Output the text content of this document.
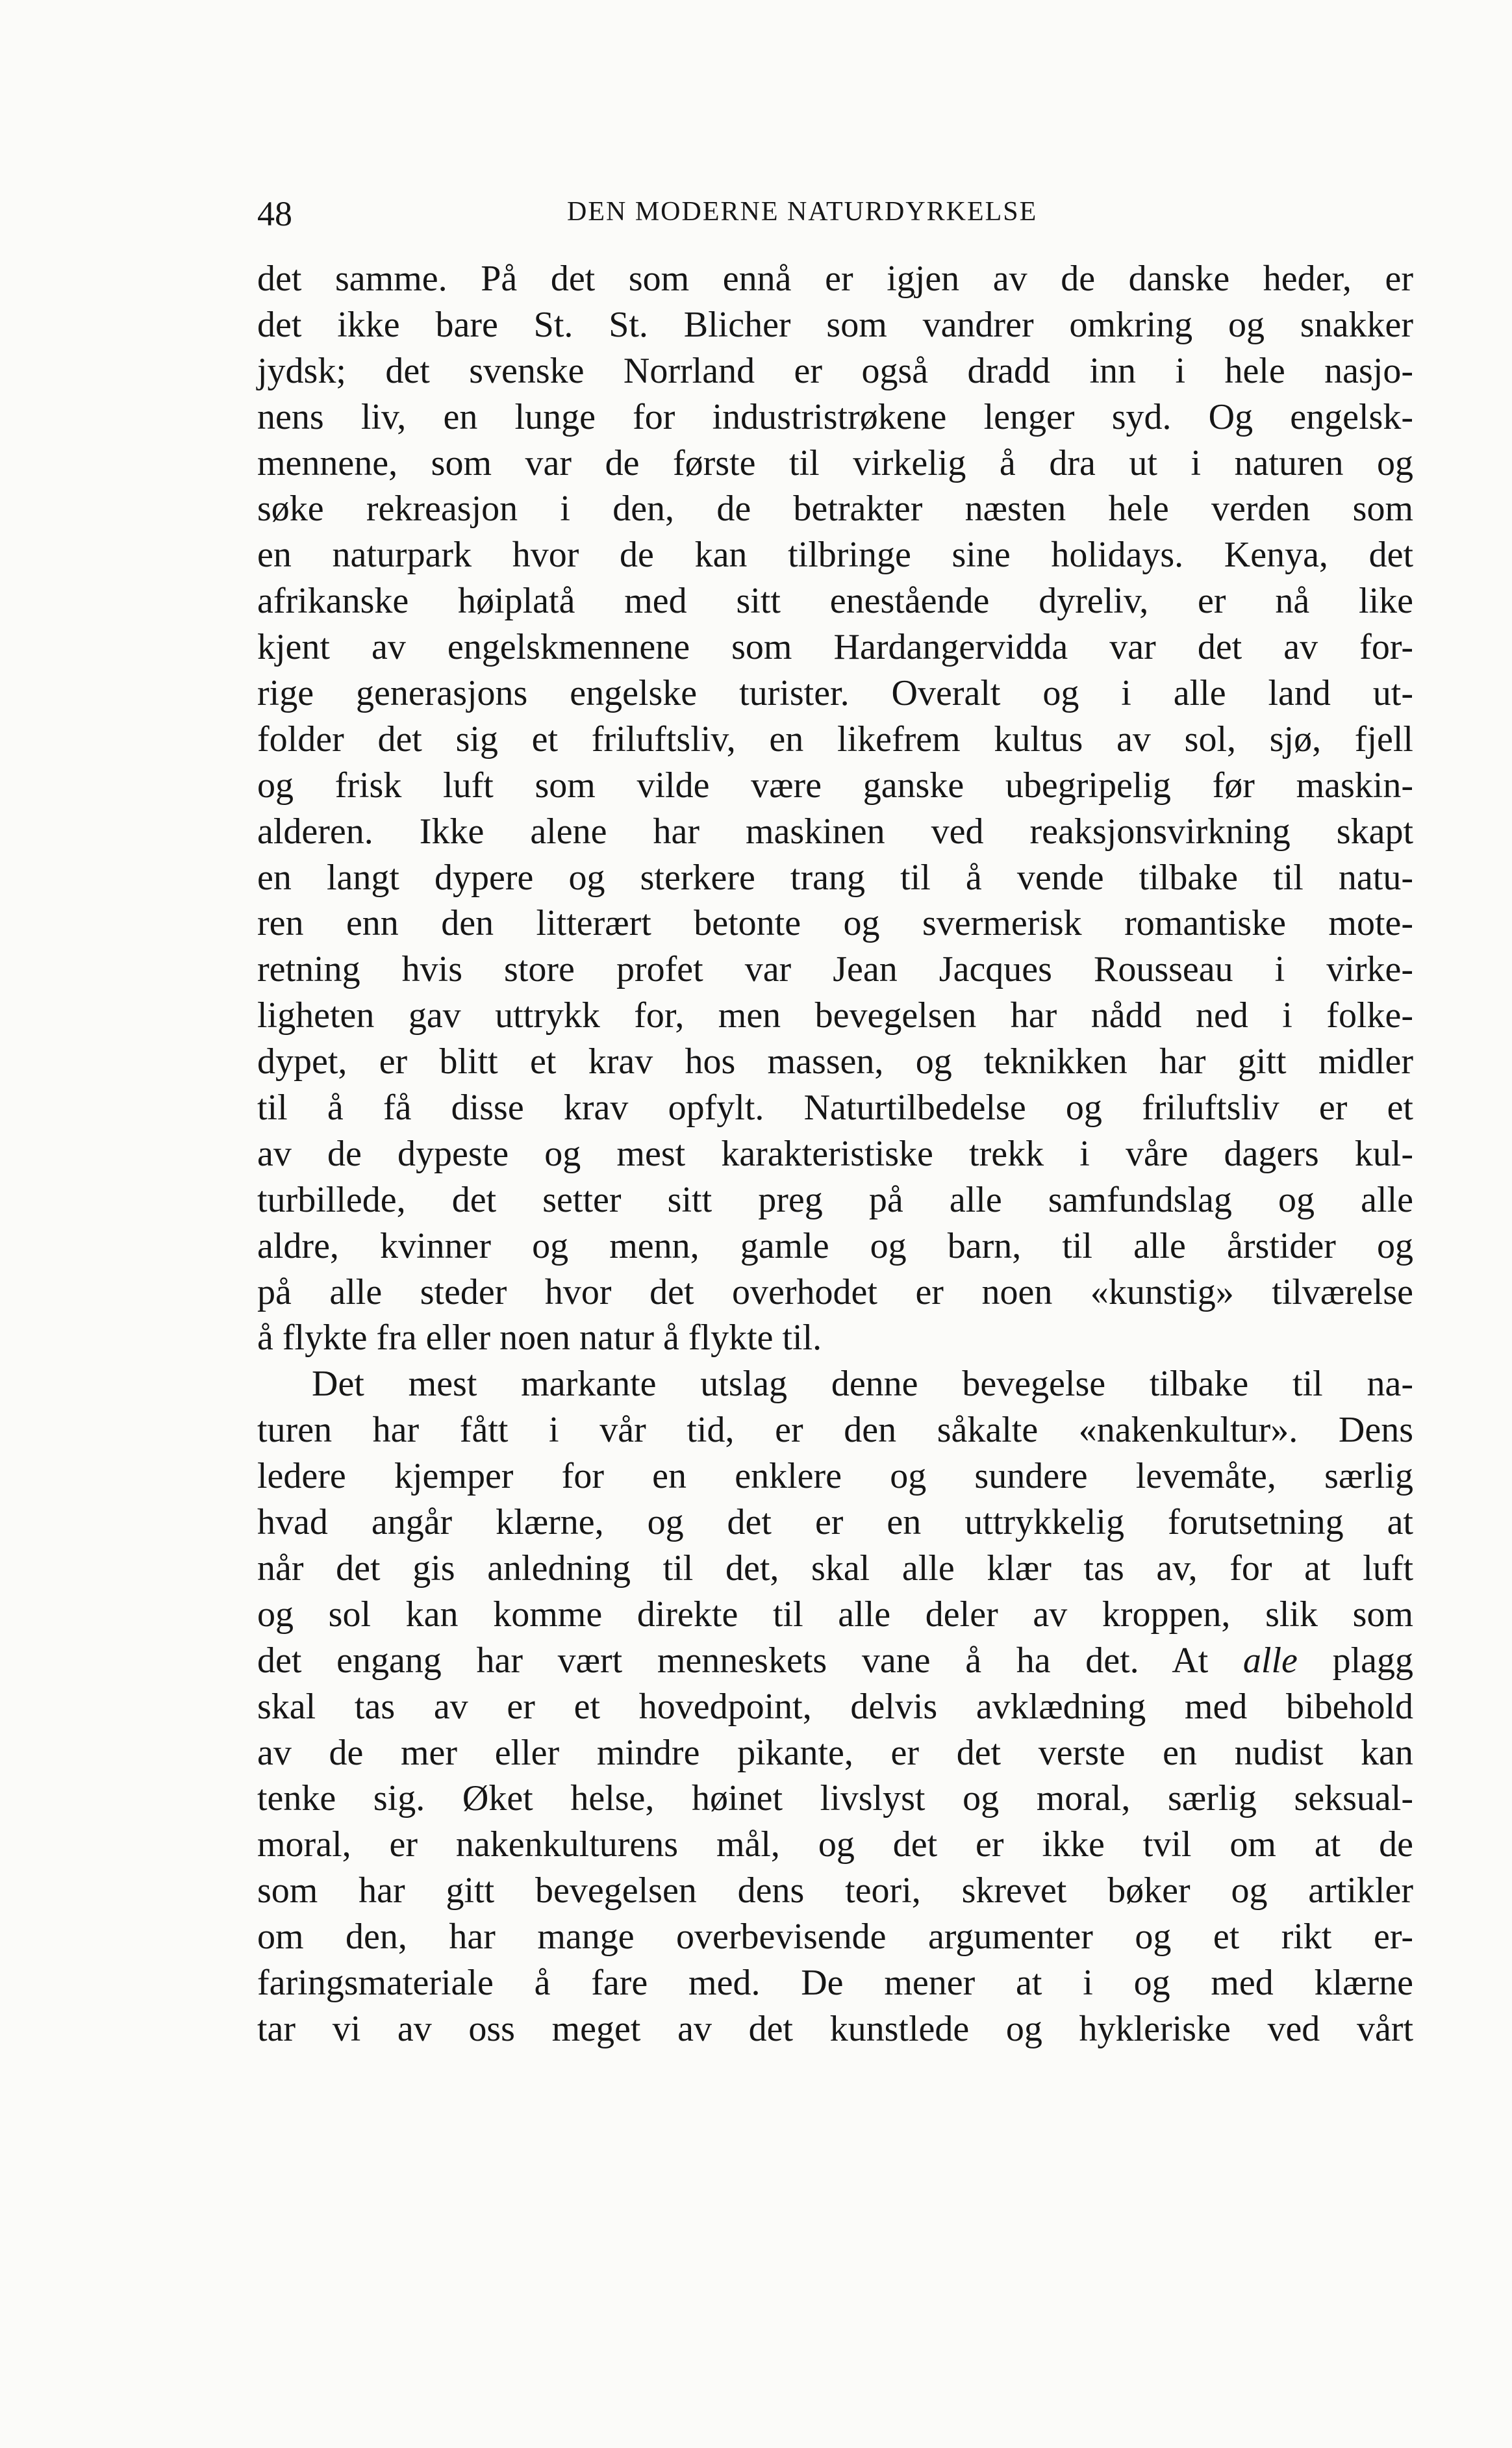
48	DEN MODERNE NATURDYRKELSE
det samme. På det som ennå er igjen av de danske heder, er
det ikke bare St. St. Blicher som vandrer omkring og snakker
jydsk; det svenske Norrland er også dradd inn i hele nasjo-
nens liv, en lunge for industristrøkene lenger syd. Og engelsk-
mennene, som var de første til virkelig å dra ut i naturen og
søke rekreasjon i den, de betrakter næsten hele verden som
en naturpark hvor de kan tilbringe sine holidays. Kenya, det
afrikanske høiplatå med sitt enestående dyreliv, er nå like
kjent av engelskmennene som Hardangervidda var det av for-
rige generasjons engelske turister. Overalt og i alle land ut-
folder det sig et friluftsliv, en likefrem kultus av sol, sjø, fjell
og frisk luft som vilde være ganske ubegripelig før maskin-
alderen. Ikke alene har maskinen ved reaksjonsvirkning skapt
en langt dypere og sterkere trang til å vende tilbake til natu-
ren enn den litterært betonte og svermerisk romantiske mote-
retning hvis store profet var Jean Jacques Rousseau i virke-
ligheten gav uttrykk for, men bevegelsen har nådd ned i folke-
dypet, er blitt et krav hos massen, og teknikken har gitt midler
til å få disse krav opfylt. Naturtilbedelse og friluftsliv er et
av de dypeste og mest karakteristiske trekk i våre dagers kul-
turbillede, det setter sitt preg på alle samfundslag og alle
aldre, kvinner og menn, gamle og barn, til alle årstider og
på alle steder hvor det overhodet er noen «kunstig» tilværelse
å flykte fra eller noen natur å flykte til.
Det mest markante utslag denne bevegelse tilbake til na-
turen har fått i vår tid, er den såkalte «nakenkultur». Dens
ledere kjemper for en enklere og sundere levemåte, særlig
hvad angår klærne, og det er en uttrykkelig forutsetning at
når det gis anledning til det, skal alle klær tas av, for at luft
og sol kan komme direkte til alle deler av kroppen, slik som
det engang har vært menneskets vane å ha det. At alle plagg
skal tas av er et hovedpoint, delvis avklædning med bibehold
av de mer eller mindre pikante, er det verste en nudist kan
tenke sig. Øket helse, høinet livslyst og moral, særlig seksual-
moral, er nakenkulturens mål, og det er ikke tvil om at de
som har gitt bevegelsen dens teori, skrevet bøker og artikler
om den, har mange overbevisende argumenter og et rikt er-
faringsmateriale å fare med. De mener at i og med klærne
tar vi av oss meget av det kunstlede og hykleriske ved vårt
